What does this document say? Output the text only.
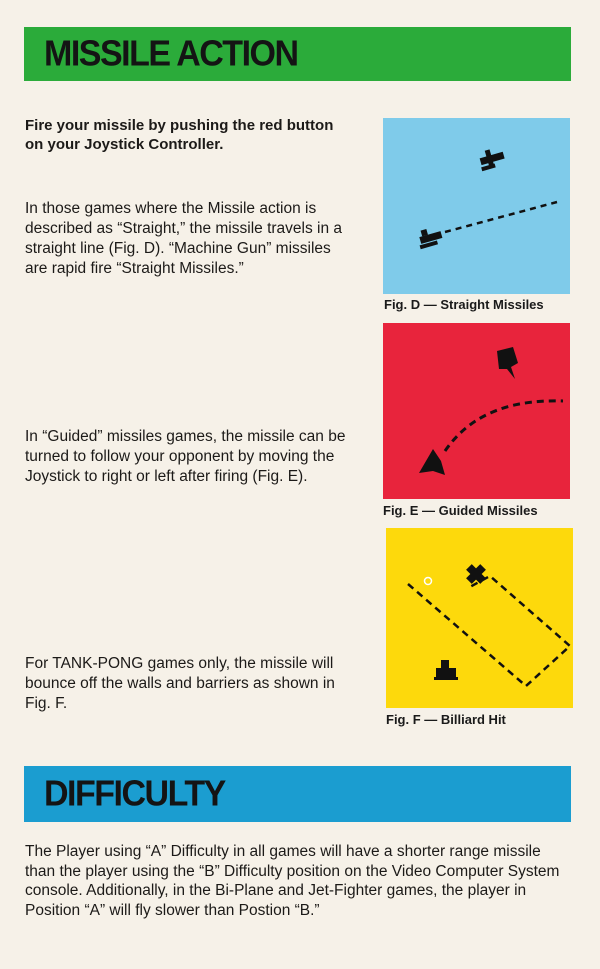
MISSILE ACTION

Fire your missile by pushing the red button on your Joystick Controller.

In those games where the Missile action is described as “Straight,” the missile travels in a straight line (Fig. D). “Machine Gun” missiles are rapid fire “Straight Missiles.”

In “Guided” missiles games, the missile can be turned to follow your opponent by moving the Joystick to right or left after firing (Fig. E).

For TANK-PONG games only, the missile will bounce off the walls and barriers as shown in Fig. F.

Fig. D — Straight Missiles
Fig. E — Guided Missiles
Fig. F — Billiard Hit
DIFFICULTY

The Player using “A” Difficulty in all games will have a shorter range missile than the player using the “B” Difficulty position on the Video Computer System console. Additionally, in the Bi-Plane and Jet-Fighter games, the player in Position “A” will fly slower than Postion “B.”
